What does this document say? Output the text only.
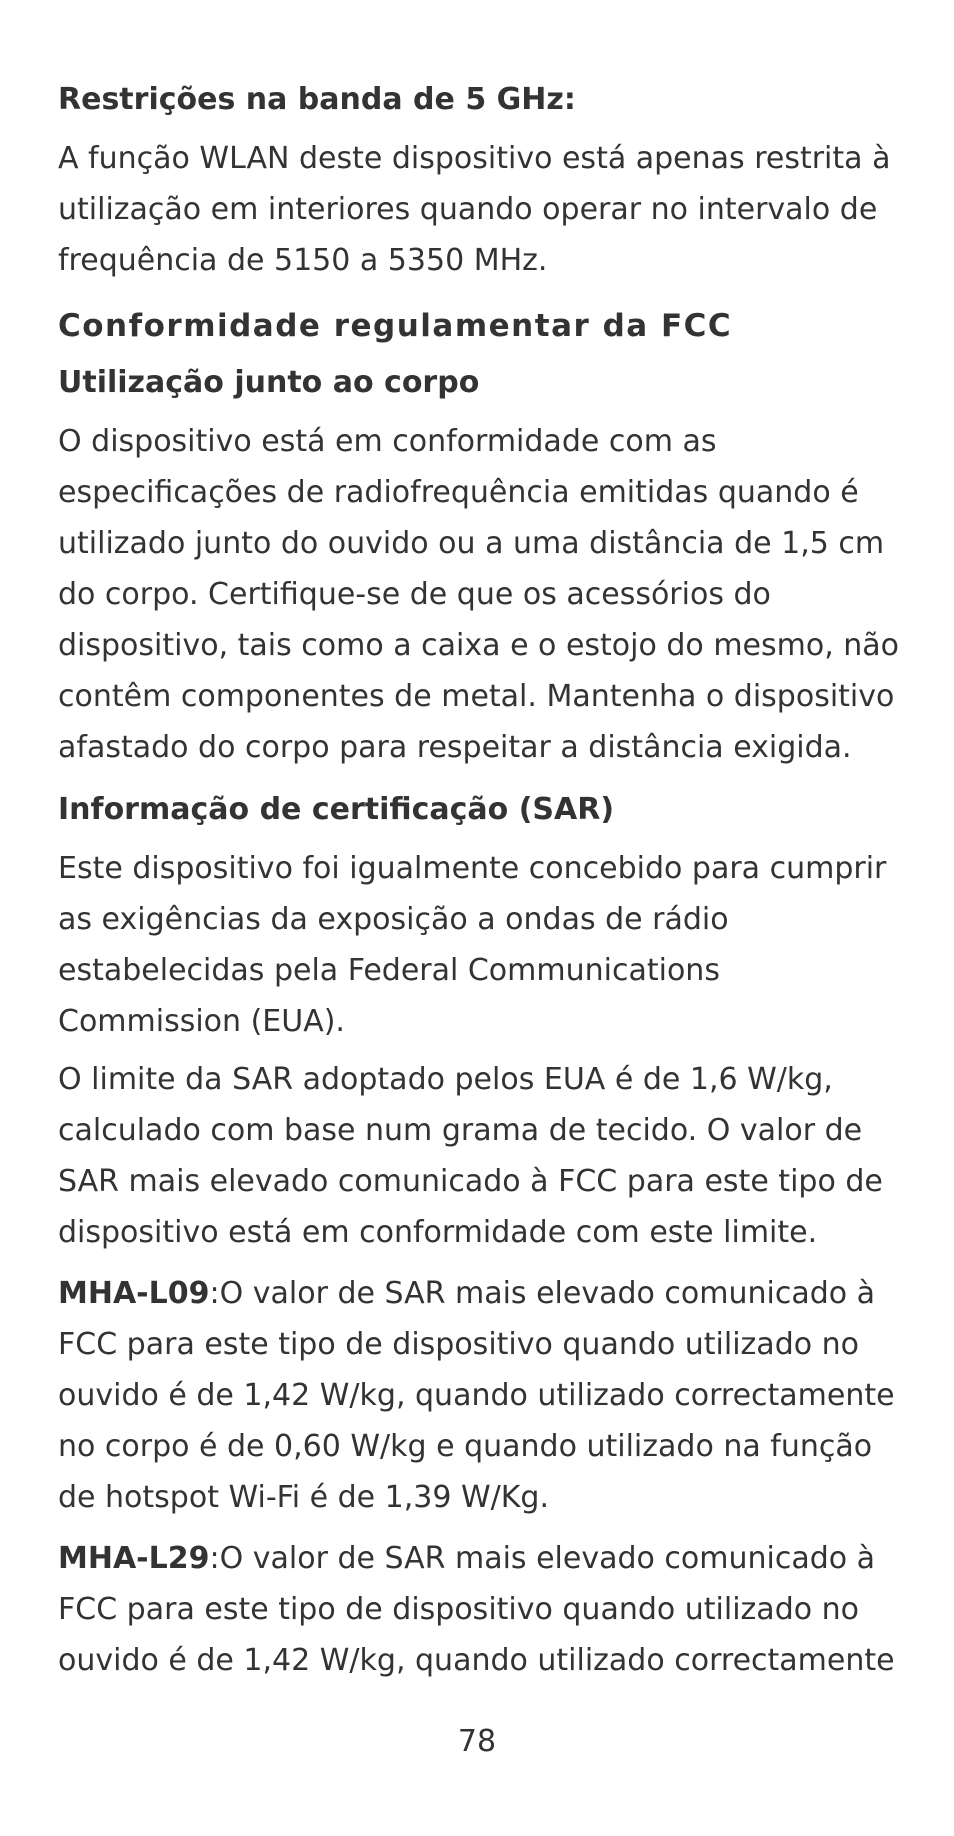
Restrições na banda de 5 GHz:

A função WLAN deste dispositivo está apenas restrita à utilização em interiores quando operar no intervalo de frequência de 5150 a 5350 MHz.

Conformidade regulamentar da FCC
Utilização junto ao corpo

O dispositivo está em conformidade com as especificações de radiofrequência emitidas quando é utilizado junto do ouvido ou a uma distância de 1,5 cm do corpo. Certifique-se de que os acessórios do dispositivo, tais como a caixa e o estojo do mesmo, não contêm componentes de metal. Mantenha o dispositivo afastado do corpo para respeitar a distância exigida.

Informação de certificação (SAR)

Este dispositivo foi igualmente concebido para cumprir as exigências da exposição a ondas de rádio estabelecidas pela Federal Communications Commission (EUA).

O limite da SAR adoptado pelos EUA é de 1,6 W/kg, calculado com base num grama de tecido. O valor de SAR mais elevado comunicado à FCC para este tipo de dispositivo está em conformidade com este limite.

MHA-L09:O valor de SAR mais elevado comunicado à FCC para este tipo de dispositivo quando utilizado no ouvido é de 1,42 W/kg, quando utilizado correctamente no corpo é de 0,60 W/kg e quando utilizado na função de hotspot Wi-Fi é de 1,39 W/Kg.

MHA-L29:O valor de SAR mais elevado comunicado à FCC para este tipo de dispositivo quando utilizado no ouvido é de 1,42 W/kg, quando utilizado correctamente

78
